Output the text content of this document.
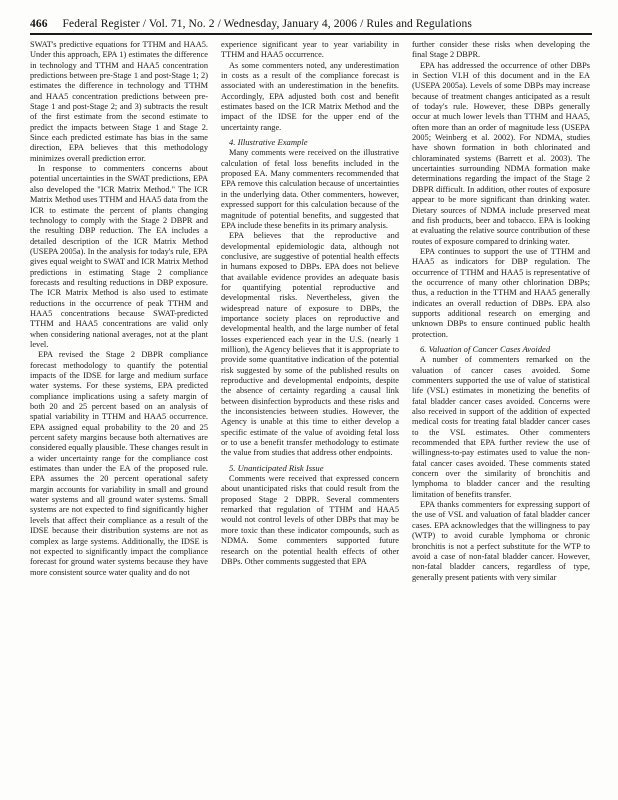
466 Federal Register / Vol. 71, No. 2 / Wednesday, January 4, 2006 / Rules and Regulations

SWAT's predictive equations for TTHM and HAA5. Under this approach, EPA 1) estimates the difference in technology and TTHM and HAA5 concentration predictions between pre-Stage 1 and post-Stage 1; 2) estimates the difference in technology and TTHM and HAA5 concentration predictions between pre-Stage 1 and post-Stage 2; and 3) subtracts the result of the first estimate from the second estimate to predict the impacts between Stage 1 and Stage 2. Since each predicted estimate has bias in the same direction, EPA believes that this methodology minimizes overall prediction error.

In response to commenters concerns about potential uncertainties in the SWAT predictions, EPA also developed the "ICR Matrix Method." The ICR Matrix Method uses TTHM and HAA5 data from the ICR to estimate the percent of plants changing technology to comply with the Stage 2 DBPR and the resulting DBP reduction. The EA includes a detailed description of the ICR Matrix Method (USEPA 2005a). In the analysis for today's rule, EPA gives equal weight to SWAT and ICR Matrix Method predictions in estimating Stage 2 compliance forecasts and resulting reductions in DBP exposure. The ICR Matrix Method is also used to estimate reductions in the occurrence of peak TTHM and HAA5 concentrations because SWAT-predicted TTHM and HAA5 concentrations are valid only when considering national averages, not at the plant level.

EPA revised the Stage 2 DBPR compliance forecast methodology to quantify the potential impacts of the IDSE for large and medium surface water systems. For these systems, EPA predicted compliance implications using a safety margin of both 20 and 25 percent based on an analysis of spatial variability in TTHM and HAA5 occurrence. EPA assigned equal probability to the 20 and 25 percent safety margins because both alternatives are considered equally plausible. These changes result in a wider uncertainty range for the compliance cost estimates than under the EA of the proposed rule. EPA assumes the 20 percent operational safety margin accounts for variability in small and ground water systems and all ground water systems. Small systems are not expected to find significantly higher levels that affect their compliance as a result of the IDSE because their distribution systems are not as complex as large systems. Additionally, the IDSE is not expected to significantly impact the compliance forecast for ground water systems because they have more consistent source water quality and do not

experience significant year to year variability in TTHM and HAA5 occurrence.

As some commenters noted, any underestimation in costs as a result of the compliance forecast is associated with an underestimation in the benefits. Accordingly, EPA adjusted both cost and benefit estimates based on the ICR Matrix Method and the impact of the IDSE for the upper end of the uncertainty range.

4. Illustrative Example

Many comments were received on the illustrative calculation of fetal loss benefits included in the proposed EA. Many commenters recommended that EPA remove this calculation because of uncertainties in the underlying data. Other commenters, however, expressed support for this calculation because of the magnitude of potential benefits, and suggested that EPA include these benefits in its primary analysis.

EPA believes that the reproductive and developmental epidemiologic data, although not conclusive, are suggestive of potential health effects in humans exposed to DBPs. EPA does not believe that available evidence provides an adequate basis for quantifying potential reproductive and developmental risks. Nevertheless, given the widespread nature of exposure to DBPs, the importance society places on reproductive and developmental health, and the large number of fetal losses experienced each year in the U.S. (nearly 1 million), the Agency believes that it is appropriate to provide some quantitative indication of the potential risk suggested by some of the published results on reproductive and developmental endpoints, despite the absence of certainty regarding a causal link between disinfection byproducts and these risks and the inconsistencies between studies. However, the Agency is unable at this time to either develop a specific estimate of the value of avoiding fetal loss or to use a benefit transfer methodology to estimate the value from studies that address other endpoints.

5. Unanticipated Risk Issue

Comments were received that expressed concern about unanticipated risks that could result from the proposed Stage 2 DBPR. Several commenters remarked that regulation of TTHM and HAA5 would not control levels of other DBPs that may be more toxic than these indicator compounds, such as NDMA. Some commenters supported future research on the potential health effects of other DBPs. Other comments suggested that EPA

further consider these risks when developing the final Stage 2 DBPR.

EPA has addressed the occurrence of other DBPs in Section VI.H of this document and in the EA (USEPA 2005a). Levels of some DBPs may increase because of treatment changes anticipated as a result of today's rule. However, these DBPs generally occur at much lower levels than TTHM and HAA5, often more than an order of magnitude less (USEPA 2005; Weinberg et al. 2002). For NDMA, studies have shown formation in both chlorinated and chloraminated systems (Barrett et al. 2003). The uncertainties surrounding NDMA formation make determinations regarding the impact of the Stage 2 DBPR difficult. In addition, other routes of exposure appear to be more significant than drinking water. Dietary sources of NDMA include preserved meat and fish products, beer and tobacco. EPA is looking at evaluating the relative source contribution of these routes of exposure compared to drinking water.

EPA continues to support the use of TTHM and HAA5 as indicators for DBP regulation. The occurrence of TTHM and HAA5 is representative of the occurrence of many other chlorination DBPs; thus, a reduction in the TTHM and HAA5 generally indicates an overall reduction of DBPs. EPA also supports additional research on emerging and unknown DBPs to ensure continued public health protection.

6. Valuation of Cancer Cases Avoided

A number of commenters remarked on the valuation of cancer cases avoided. Some commenters supported the use of value of statistical life (VSL) estimates in monetizing the benefits of fatal bladder cancer cases avoided. Concerns were also received in support of the addition of expected medical costs for treating fatal bladder cancer cases to the VSL estimates. Other commenters recommended that EPA further review the use of willingness-to-pay estimates used to value the non-fatal cancer cases avoided. These comments stated concern over the similarity of bronchitis and lymphoma to bladder cancer and the resulting limitation of benefits transfer.

EPA thanks commenters for expressing support of the use of VSL and valuation of fatal bladder cancer cases. EPA acknowledges that the willingness to pay (WTP) to avoid curable lymphoma or chronic bronchitis is not a perfect substitute for the WTP to avoid a case of non-fatal bladder cancer. However, non-fatal bladder cancers, regardless of type, generally present patients with very similar
